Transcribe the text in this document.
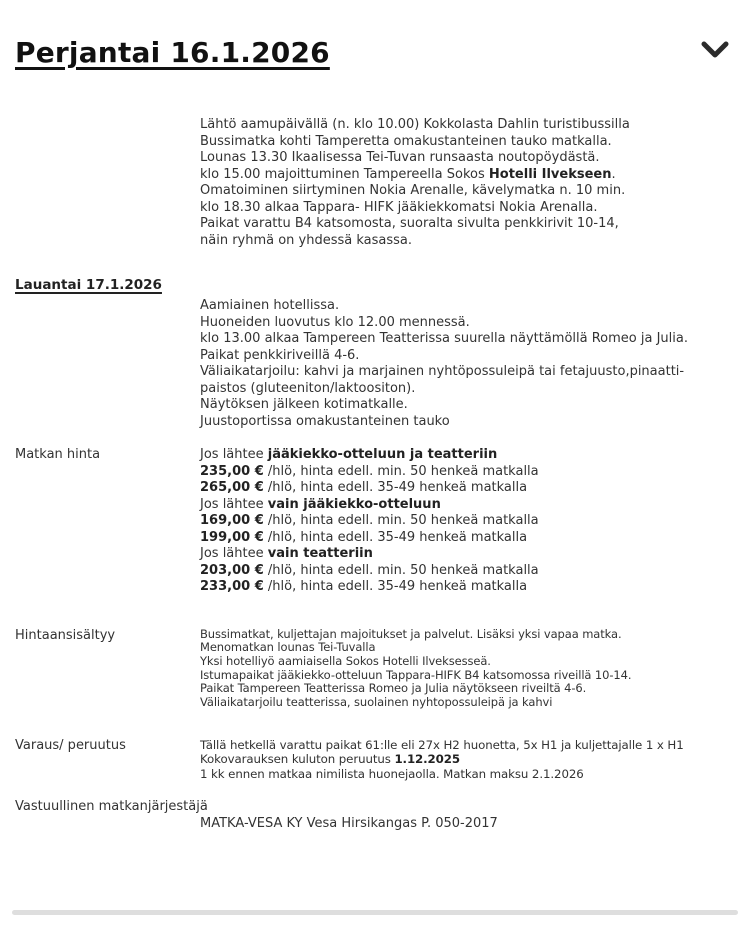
Perjantai 16.1.2026
Lähtö aamupäivällä (n. klo 10.00) Kokkolasta Dahlin turistibussilla
Bussimatka kohti Tamperetta omakustanteinen tauko matkalla.
Lounas 13.30 Ikaalisessa Tei-Tuvan runsaasta noutopöydästä.
klo 15.00 majoittuminen Tampereella Sokos Hotelli Ilvekseen.
Omatoiminen siirtyminen Nokia Arenalle, kävelymatka n. 10 min.
klo 18.30 alkaa Tappara- HIFK jääkiekkomatsi Nokia Arenalla.
Paikat varattu B4 katsomosta, suoralta sivulta penkkirivit 10-14,
näin ryhmä on yhdessä kasassa.
Lauantai 17.1.2026
Aamiainen hotellissa.
Huoneiden luovutus klo 12.00 mennessä.
klo 13.00 alkaa Tampereen Teatterissa suurella näyttämöllä Romeo ja Julia.
Paikat penkkiriveillä 4-6.
Väliaikatarjoilu: kahvi ja marjainen nyhtöpossuleipä tai fetajuusto,pinaatti-
paistos (gluteeniton/laktoositon).
Näytöksen jälkeen kotimatkalle.
Juustoportissa omakustanteinen tauko
Matkan hinta	Jos lähtee jääkiekko-otteluun ja teatteriin
235,00 € /hlö, hinta edell. min. 50 henkeä matkalla
265,00 € /hlö, hinta edell. 35-49 henkeä matkalla
Jos lähtee vain jääkiekko-otteluun
169,00 € /hlö, hinta edell. min. 50 henkeä matkalla
199,00 € /hlö, hinta edell. 35-49 henkeä matkalla
Jos lähtee vain teatteriin
203,00 € /hlö, hinta edell. min. 50 henkeä matkalla
233,00 € /hlö, hinta edell. 35-49 henkeä matkalla
Hintaansisältyy	Bussimatkat, kuljettajan majoitukset ja palvelut. Lisäksi yksi vapaa matka.
Menomatkan lounas Tei-Tuvalla
Yksi hotelliyö aamiaisella Sokos Hotelli Ilveksesseä.
Istumapaikat jääkiekko-otteluun Tappara-HIFK B4 katsomossa riveillä 10-14.
Paikat Tampereen Teatterissa Romeo ja Julia näytökseen riveiltä 4-6.
Väliaikatarjoilu teatterissa, suolainen nyhtopossuleipä ja kahvi
Varaus/ peruutus	Tällä hetkellä varattu paikat 61:lle eli 27x H2 huonetta, 5x H1 ja kuljettajalle 1 x H1
Kokovarauksen kuluton peruutus 1.12.2025
1 kk ennen matkaa nimilista huonejaolla. Matkan maksu 2.1.2026
Vastuullinen matkanjärjestäjä
MATKA-VESA KY Vesa Hirsikangas P. 050-2017
